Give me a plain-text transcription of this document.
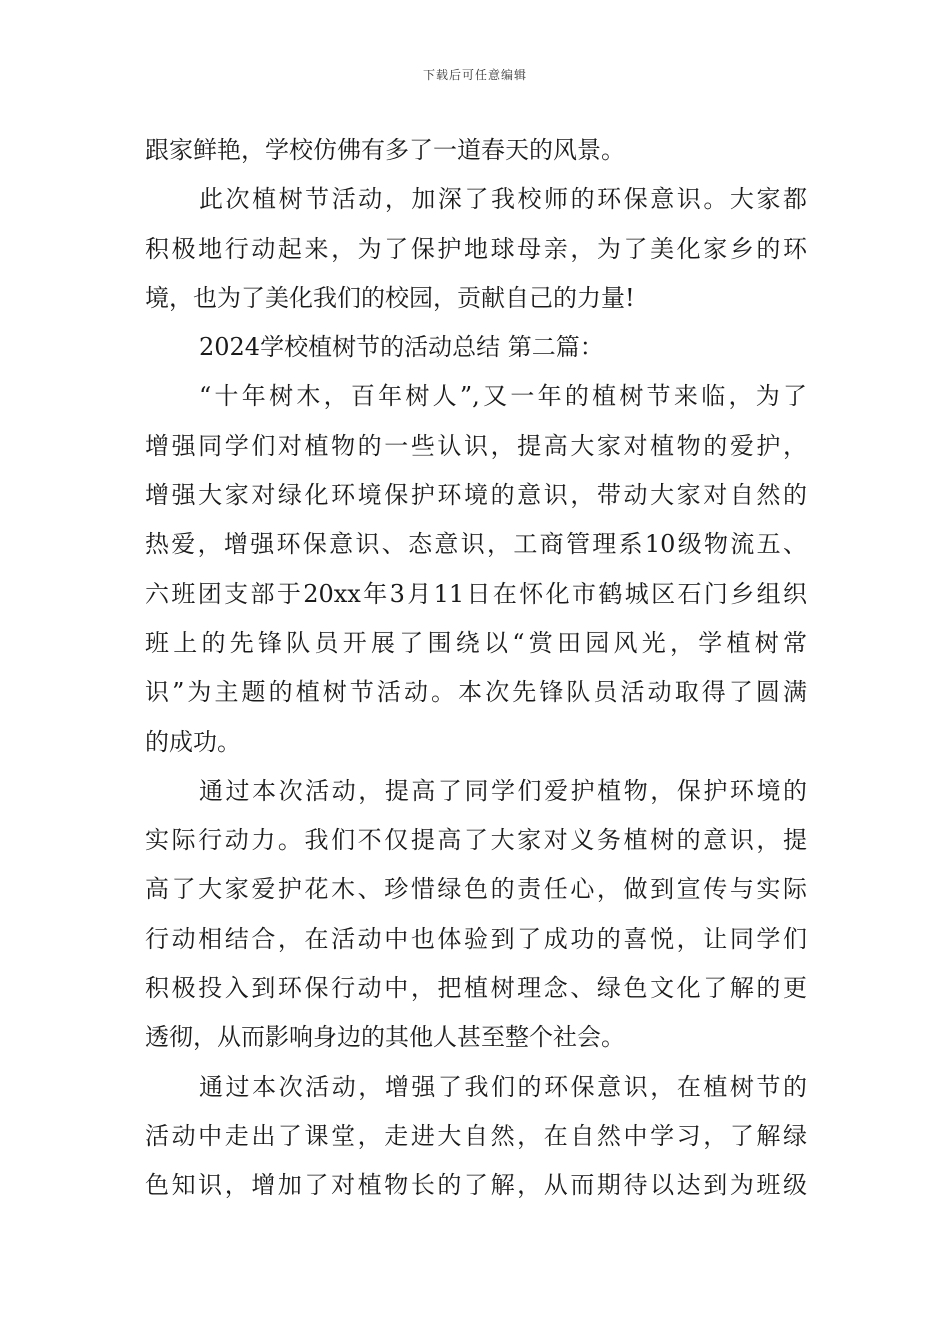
下载后可任意编辑
跟家鲜艳，学校仿佛有多了一道春天的风景。
此次植树节活动，加深了我校师的环保意识。大家都
积极地行动起来，为了保护地球母亲，为了美化家乡的环
境，也为了美化我们的校园，贡献自己的力量!
2024学校植树节的活动总结 第二篇：
“十年树木，百年树人”,又一年的植树节来临，为了
增强同学们对植物的一些认识，提高大家对植物的爱护，
增强大家对绿化环境保护环境的意识，带动大家对自然的
热爱，增强环保意识、态意识，工商管理系10级物流五、
六班团支部于20xx年3月11日在怀化市鹤城区石门乡组织
班上的先锋队员开展了围绕以“赏田园风光，学植树常
识”为主题的植树节活动。本次先锋队员活动取得了圆满
的成功。
通过本次活动，提高了同学们爱护植物，保护环境的
实际行动力。我们不仅提高了大家对义务植树的意识，提
高了大家爱护花木、珍惜绿色的责任心，做到宣传与实际
行动相结合，在活动中也体验到了成功的喜悦，让同学们
积极投入到环保行动中，把植树理念、绿色文化了解的更
透彻，从而影响身边的其他人甚至整个社会。
通过本次活动，增强了我们的环保意识，在植树节的
活动中走出了课堂，走进大自然，在自然中学习，了解绿
色知识，增加了对植物长的了解，从而期待以达到为班级
